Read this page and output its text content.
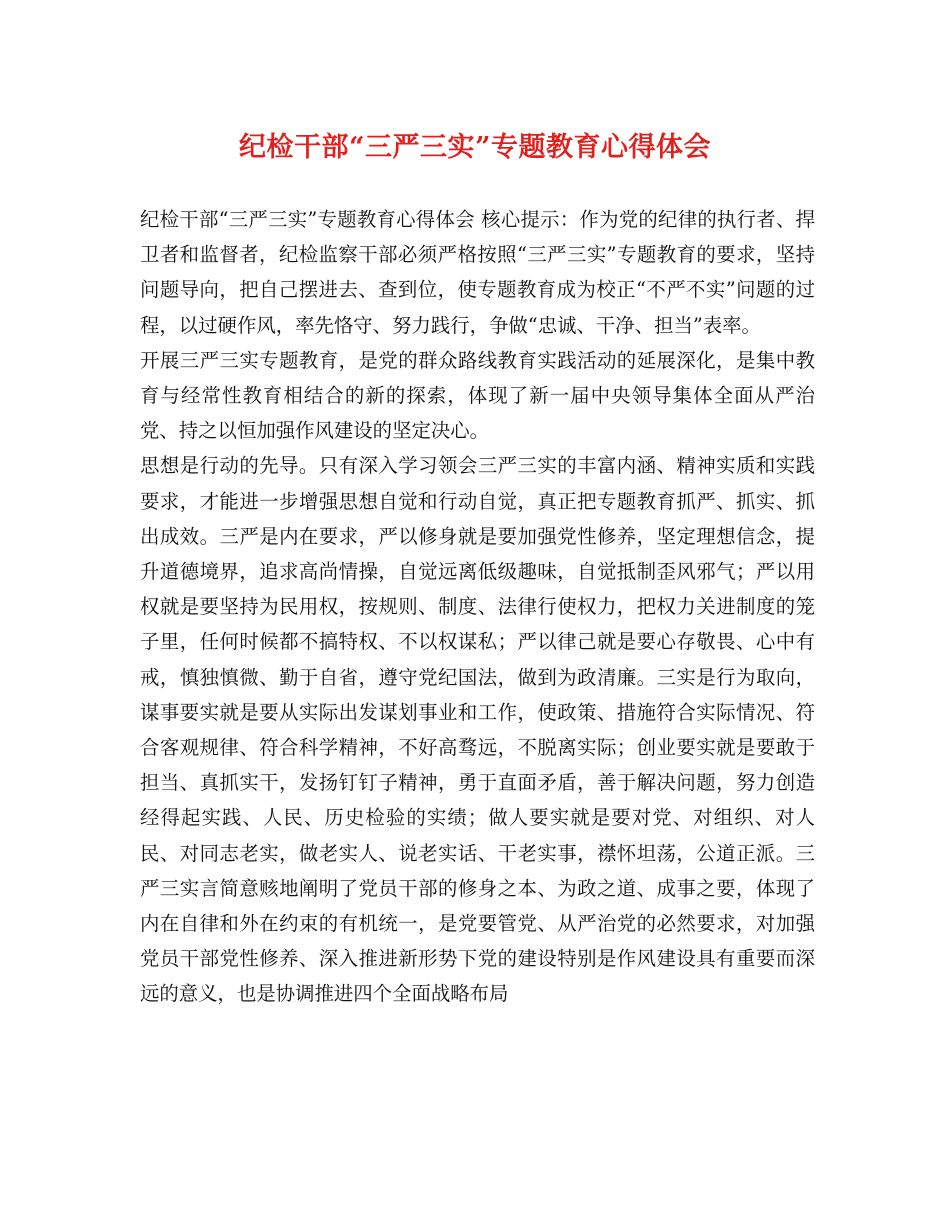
纪检干部“三严三实”专题教育心得体会

纪检干部“三严三实”专题教育心得体会 核心提示：作为党的纪律的执行者、捍卫者和监督者，纪检监察干部必须严格按照“三严三实”专题教育的要求，坚持问题导向，把自己摆进去、查到位，使专题教育成为校正“不严不实”问题的过程，以过硬作风，率先恪守、努力践行，争做“忠诚、干净、担当”表率。

开展三严三实专题教育，是党的群众路线教育实践活动的延展深化，是集中教育与经常性教育相结合的新的探索，体现了新一届中央领导集体全面从严治党、持之以恒加强作风建设的坚定决心。

思想是行动的先导。只有深入学习领会三严三实的丰富内涵、精神实质和实践要求，才能进一步增强思想自觉和行动自觉，真正把专题教育抓严、抓实、抓出成效。三严是内在要求，严以修身就是要加强党性修养，坚定理想信念，提升道德境界，追求高尚情操，自觉远离低级趣味，自觉抵制歪风邪气；严以用权就是要坚持为民用权，按规则、制度、法律行使权力，把权力关进制度的笼子里，任何时候都不搞特权、不以权谋私；严以律己就是要心存敬畏、心中有戒，慎独慎微、勤于自省，遵守党纪国法，做到为政清廉。三实是行为取向，谋事要实就是要从实际出发谋划事业和工作，使政策、措施符合实际情况、符合客观规律、符合科学精神，不好高骛远，不脱离实际；创业要实就是要敢于担当、真抓实干，发扬钉钉子精神，勇于直面矛盾，善于解决问题，努力创造经得起实践、人民、历史检验的实绩；做人要实就是要对党、对组织、对人民、对同志老实，做老实人、说老实话、干老实事，襟怀坦荡，公道正派。三严三实言简意赅地阐明了党员干部的修身之本、为政之道、成事之要，体现了内在自律和外在约束的有机统一，是党要管党、从严治党的必然要求，对加强党员干部党性修养、深入推进新形势下党的建设特别是作风建设具有重要而深远的意义，也是协调推进四个全面战略布局
